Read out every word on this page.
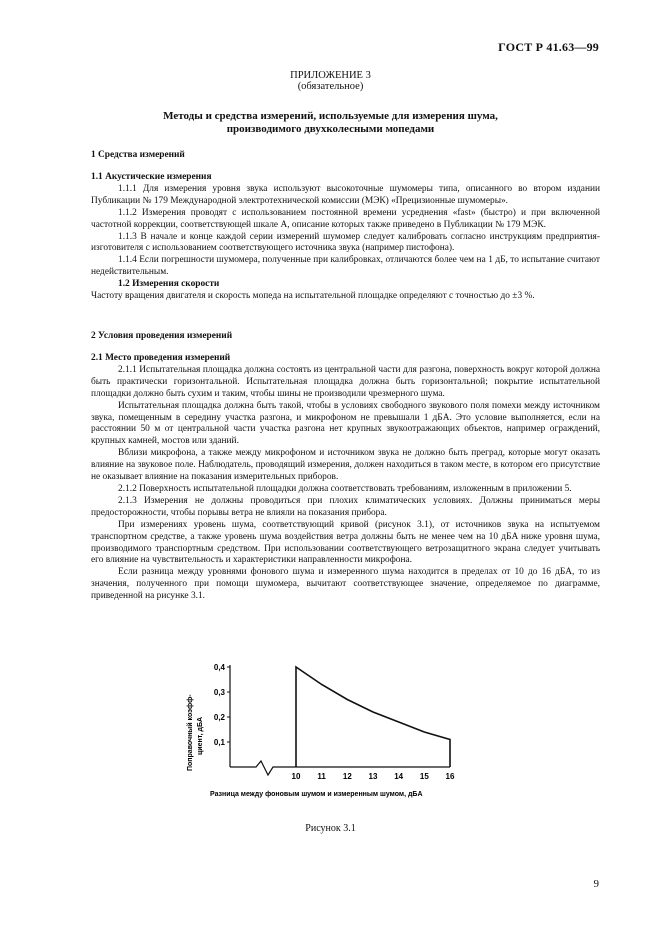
ГОСТ Р 41.63—99
ПРИЛОЖЕНИЕ 3
(обязательное)
Методы и средства измерений, используемые для измерения шума,
производимого двухколесными мопедами

1 Средства измерений

1.1 Акустические измерения

1.1.1 Для измерения уровня звука используют высокоточные шумомеры типа, описанного во втором издании Публикации № 179 Международной электротехнической комиссии (МЭК) «Прецизионные шумомеры».

1.1.2 Измерения проводят с использованием постоянной времени усреднения «fast» (быстро) и при включенной частотной коррекции, соответствующей шкале A, описание которых также приведено в Публикации № 179 МЭК.

1.1.3 В начале и конце каждой серии измерений шумомер следует калибровать согласно инструкциям предприятия-изготовителя с использованием соответствующего источника звука (например пистофона).

1.1.4 Если погрешности шумомера, полученные при калибровках, отличаются более чем на 1 дБ, то испытание считают недействительным.

1.2 Измерения скорости

Частоту вращения двигателя и скорость мопеда на испытательной площадке определяют с точностью до ±3 %.

2 Условия проведения измерений

2.1 Место проведения измерений

2.1.1 Испытательная площадка должна состоять из центральной части для разгона, поверхность вокруг которой должна быть практически горизонтальной. Испытательная площадка должна быть горизонтальной; покрытие испытательной площадки должно быть сухим и таким, чтобы шины не производили чрезмерного шума.

Испытательная площадка должна быть такой, чтобы в условиях свободного звукового поля помехи между источником звука, помещенным в середину участка разгона, и микрофоном не превышали 1 дБA. Это условие выполняется, если на расстоянии 50 м от центральной части участка разгона нет крупных звукоотражающих объектов, например ограждений, крупных камней, мостов или зданий.

Вблизи микрофона, а также между микрофоном и источником звука не должно быть преград, которые могут оказать влияние на звуковое поле. Наблюдатель, проводящий измерения, должен находиться в таком месте, в котором его присутствие не оказывает влияние на показания измерительных приборов.

2.1.2 Поверхность испытательной площадки должна соответствовать требованиям, изложенным в приложении 5.

2.1.3 Измерения не должны проводиться при плохих климатических условиях. Должны приниматься меры предосторожности, чтобы порывы ветра не влияли на показания прибора.

При измерениях уровень шума, соответствующий кривой (рисунок 3.1), от источников звука на испытуемом транспортном средстве, а также уровень шума воздействия ветра должны быть не менее чем на 10 дБA ниже уровня шума, производимого транспортным средством. При использовании соответствующего ветрозащитного экрана следует учитывать его влияние на чувствительность и характеристики направленности микрофона.

Если разница между уровнями фонового шума и измеренного шума находится в пределах от 10 до 16 дБA, то из значения, полученного при помощи шумомера, вычитают соответствующее значение, определяемое по диаграмме, приведенной на рисунке 3.1.

0,1
0,2
0,3
0,4
10 11 12 13 14 15 16
Поправочный коэфф- циент, дБA
Разница между фоновым шумом и измеренным шумом, дБA
Рисунок 3.1
9
